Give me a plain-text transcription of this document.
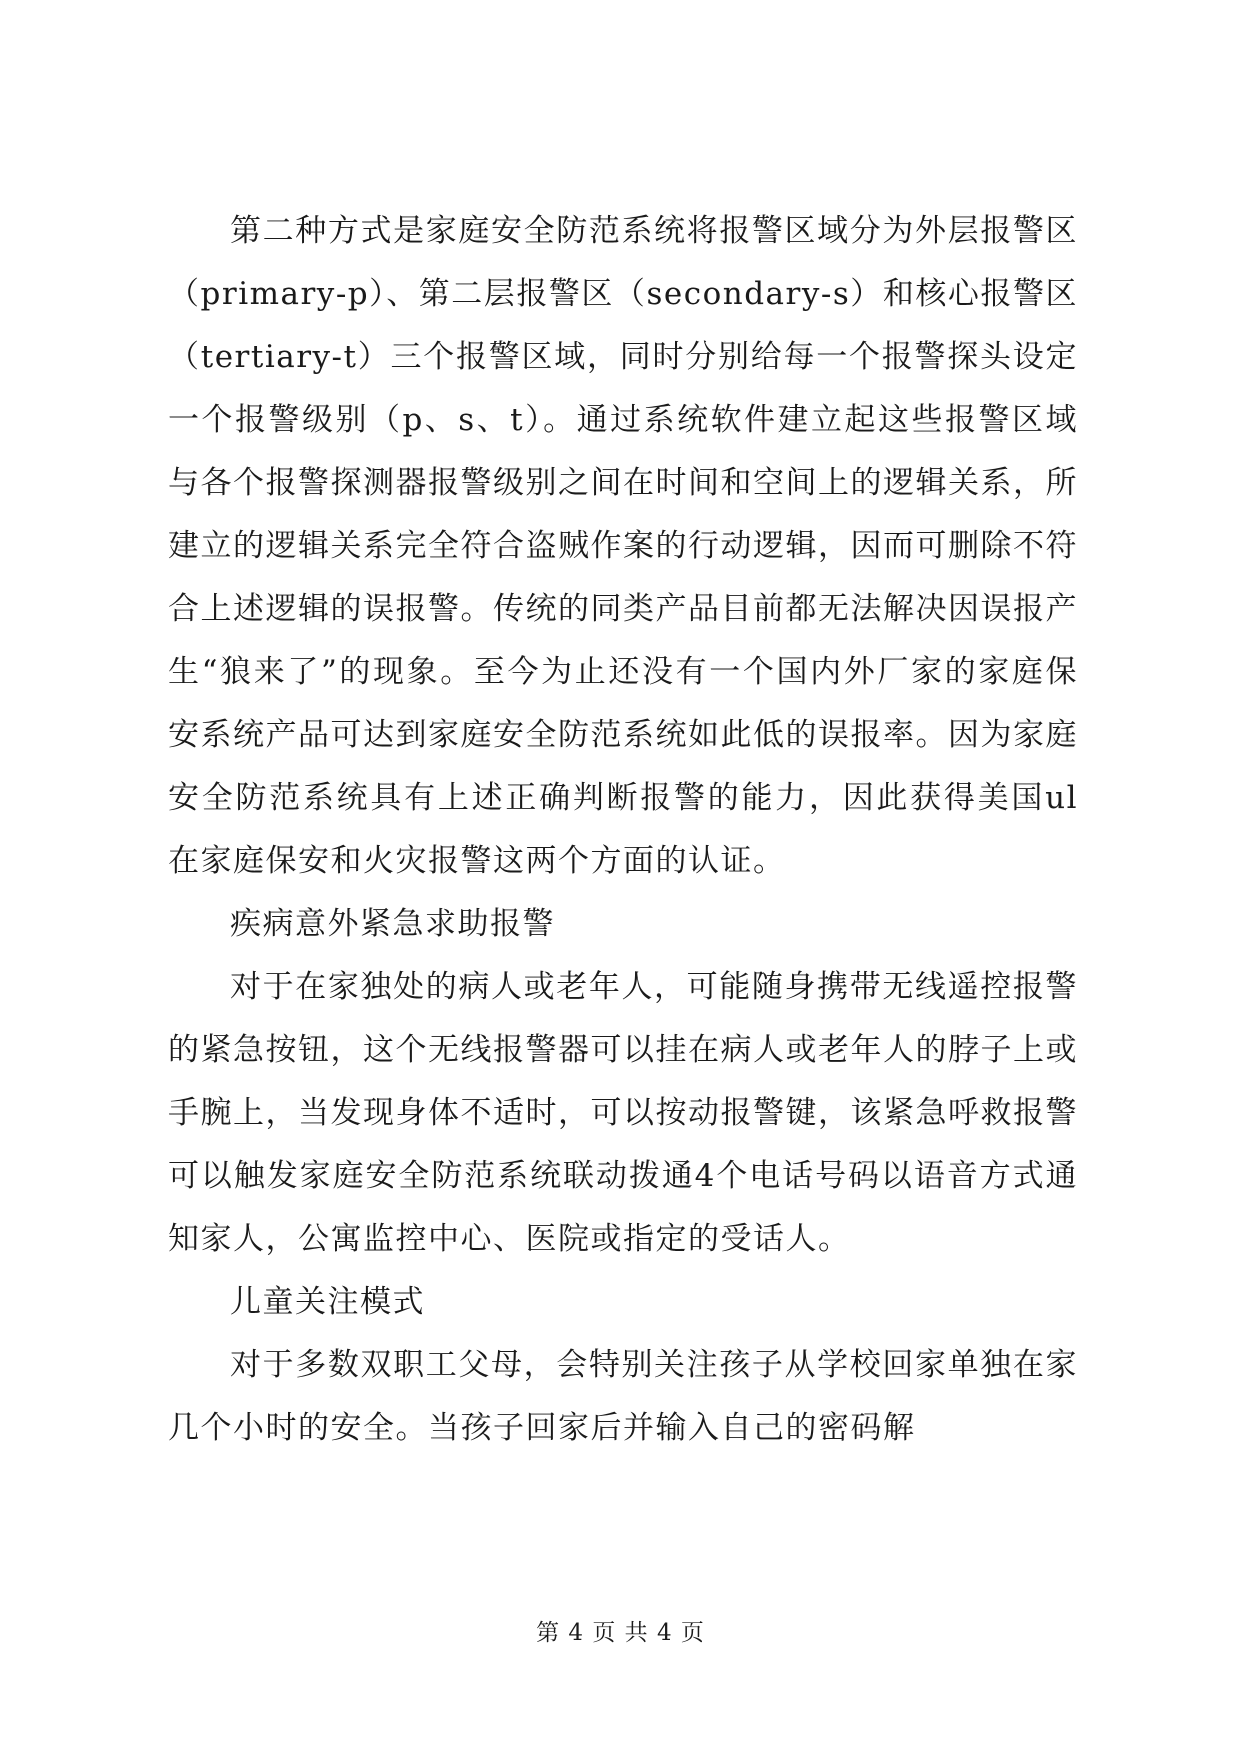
第二种方式是家庭安全防范系统将报警区域分为外层报警区（primary-p）、第二层报警区（secondary-s）和核心报警区（tertiary-t）三个报警区域，同时分别给每一个报警探头设定一个报警级别（p、s、t）。通过系统软件建立起这些报警区域与各个报警探测器报警级别之间在时间和空间上的逻辑关系，所建立的逻辑关系完全符合盗贼作案的行动逻辑，因而可删除不符合上述逻辑的误报警。传统的同类产品目前都无法解决因误报产生“狼来了”的现象。至今为止还没有一个国内外厂家的家庭保安系统产品可达到家庭安全防范系统如此低的误报率。因为家庭安全防范系统具有上述正确判断报警的能力，因此获得美国ul在家庭保安和火灾报警这两个方面的认证。

疾病意外紧急求助报警

对于在家独处的病人或老年人，可能随身携带无线遥控报警的紧急按钮，这个无线报警器可以挂在病人或老年人的脖子上或手腕上，当发现身体不适时，可以按动报警键，该紧急呼救报警可以触发家庭安全防范系统联动拨通4个电话号码以语音方式通知家人，公寓监控中心、医院或指定的受话人。

儿童关注模式

对于多数双职工父母，会特别关注孩子从学校回家单独在家几个小时的安全。当孩子回家后并输入自己的密码解

第 4 页 共 4 页
